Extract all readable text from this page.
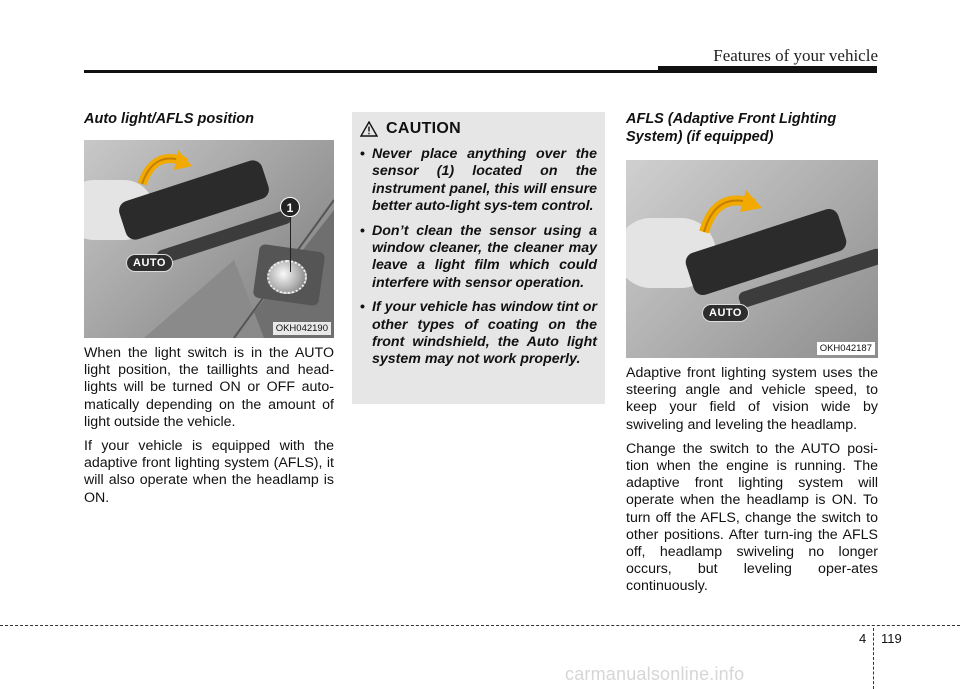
Features of your vehicle
Auto light/AFLS position
AUTO
1
OKH042190

When the light switch is in the AUTO light position, the taillights and head-lights will be turned ON or OFF auto-matically depending on the amount of light outside the vehicle.

If your vehicle is equipped with the adaptive front lighting system (AFLS), it will also operate when the headlamp is ON.

CAUTION
• Never place anything over the sensor (1) located on the instrument panel, this will ensure better auto-light sys-tem control.
• Don’t clean the sensor using a window cleaner, the cleaner may leave a light film which could interfere with sensor operation.
• If your vehicle has window tint or other types of coating on the front windshield, the Auto light system may not work properly.
AFLS (Adaptive Front Lighting System) (if equipped)
AUTO
OKH042187

Adaptive front lighting system uses the steering angle and vehicle speed, to keep your field of vision wide by swiveling and leveling the headlamp.

Change the switch to the AUTO posi-tion when the engine is running. The adaptive front lighting system will operate when the headlamp is ON. To turn off the AFLS, change the switch to other positions. After turn-ing the AFLS off, headlamp swiveling no longer occurs, but leveling oper-ates continuously.

4 119
carmanualsonline.info
